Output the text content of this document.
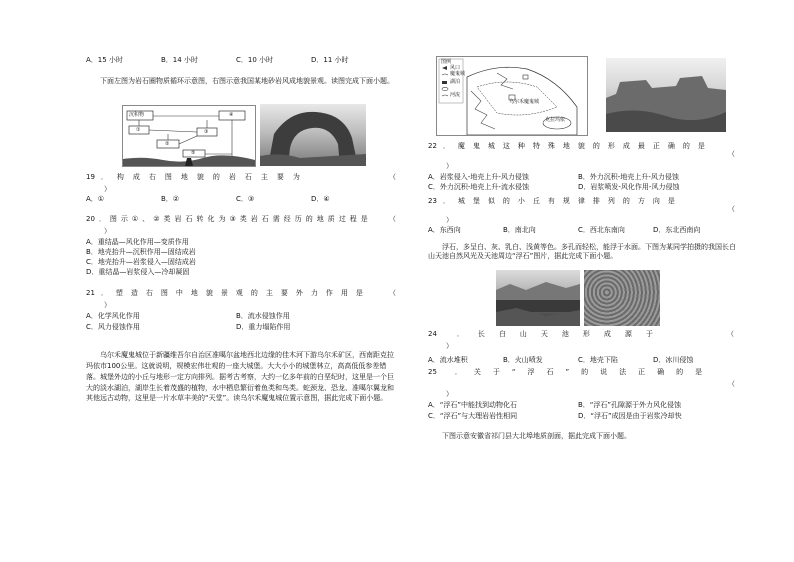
A．15 小时	B．14 小时	C．10 小时	D．11 小时
下面左图为岩石圈物质循环示意图，右图示意我国某地砂岩风成地貌景观。读图完成下面小题。
沉积物
①
②
③
④
⑤
19 ．构成右图地貌的岩石主要为	（
）
A．①	B．②	C．③	D．④
20 ．图示①、②类岩石转化为③类岩石需经历的地质过程是	（
）
A．重结晶—风化作用—变质作用
B．地壳抬升—沉积作用—固结成岩
C．地壳抬升—岩浆侵入—固结成岩
D．重结晶—岩浆侵入—冷却凝固
21 ．塑造右图中地貌景观的主要外力作用是	（
）
A．化学风化作用	B．流水侵蚀作用
C．风力侵蚀作用	D．重力塌陷作用
乌尔禾魔鬼城位于新疆维吾尔自治区准噶尔盆地西北边缘的佳木河下游乌尔禾矿区，西南距克拉玛依市100公里。这就说明，规模宏伟壮观的一座大城堡。大大小小的城堡林立，高高低低参差错落。城堡外边的小丘与地形一定方向排列。据考古考察，大约一亿多年前的白垩纪时，这里是一个巨大的淡水湖泊，湖岸生长着茂盛的植物，水中栖息繁衍着鱼类和鸟类。蛇颈龙、恐龙、准噶尔翼龙和其他远古动物，这里是一片水草丰美的“天堂”。读乌尔禾魔鬼城位置示意图，据此完成下面小题。
图例
风口
魔鬼城
湖泊
河流
乌尔禾魔鬼城
克拉玛依
22 ．魔鬼城这种特殊地貌的形成最正确的是
（
）
A．岩浆侵入-地壳上升-风力侵蚀	B．外力沉积-地壳上升-风力侵蚀
C．外力沉积-地壳上升-流水侵蚀	D．岩浆喷发-风化作用-风力侵蚀
23 ．城堡似的小丘有规律排列的方向是
（
）
A．东西向	B．南北向	C．西北东南向	D．东北西南向
浮石，多呈白、灰、乳白、浅黄等色。多孔而轻松，能浮于水面。下图为某同学拍摄的我国长白山天池自然风光及天池周边“浮石”图片，据此完成下面小题。
24	．长白山天池形成源于	（
）
A．流水堆积	B．火山喷发	C．地壳下陷	D．冰川侵蚀
25	．关于“浮石”的说法正确的是
（
）
A．“浮石”中能找到动物化石	B．“浮石”孔隙源于外力风化侵蚀
C．“浮石”与大理岩岩性相同	D．“浮石”成因是由于岩浆冷却快
下图示意安徽省祁门县大北埠地质剖面，据此完成下面小题。
